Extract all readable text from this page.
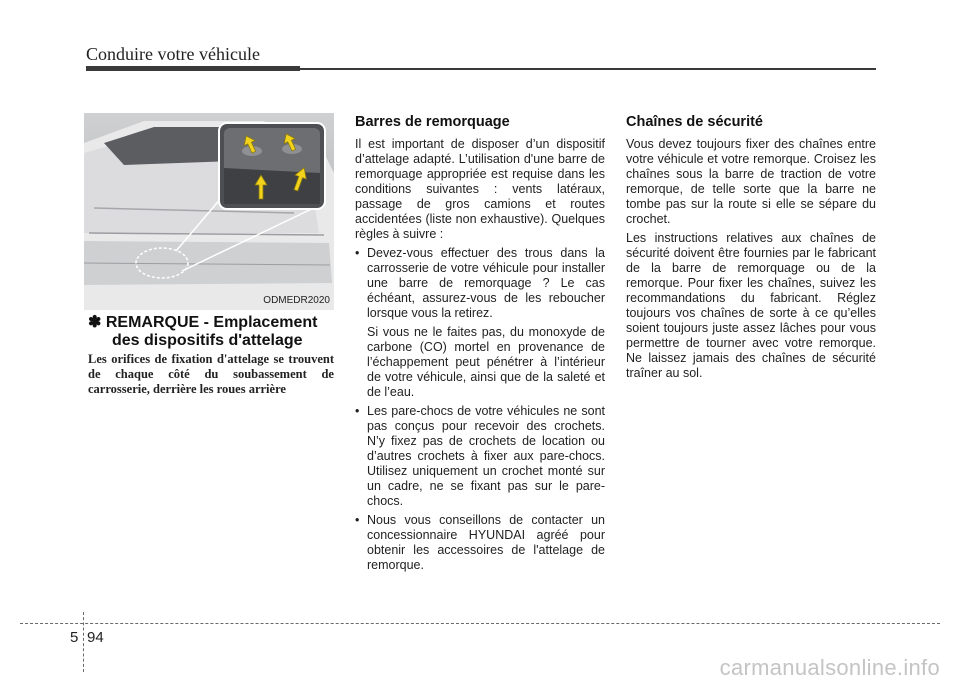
Conduire votre véhicule
ODMEDR2020
✽ REMARQUE - Emplacement
des dispositifs d'attelage
Les orifices de fixation d'attelage se trouvent de chaque côté du soubassement de carrosserie, derrière les roues arrière
Barres de remorquage

Il est important de disposer d’un dispositif d’attelage adapté. L’utilisation d'une barre de remorquage appropriée est requise dans les conditions suivantes : vents latéraux, passage de gros camions et routes accidentées (liste non exhaustive). Quelques règles à suivre :

• Devez-vous effectuer des trous dans la carrosserie de votre véhicule pour installer une barre de remorquage ? Le cas échéant, assurez-vous de les reboucher lorsque vous la retirez.

Si vous ne le faites pas, du monoxyde de carbone (CO) mortel en provenance de l’échappement peut pénétrer à l’intérieur de votre véhicule, ainsi que de la saleté et de l’eau.

• Les pare-chocs de votre véhicules ne sont pas conçus pour recevoir des crochets. N’y fixez pas de crochets de location ou d’autres crochets à fixer aux pare-chocs. Utilisez uniquement un crochet monté sur un cadre, ne se fixant pas sur le pare-chocs.
• Nous vous conseillons de contacter un concessionnaire HYUNDAI agréé pour obtenir les accessoires de l'attelage de remorque.
Chaînes de sécurité

Vous devez toujours fixer des chaînes entre votre véhicule et votre remorque. Croisez les chaînes sous la barre de traction de votre remorque, de telle sorte que la barre ne tombe pas sur la route si elle se sépare du crochet.

Les instructions relatives aux chaînes de sécurité doivent être fournies par le fabricant de la barre de remorquage ou de la remorque. Pour fixer les chaînes, suivez les recommandations du fabricant. Réglez toujours vos chaînes de sorte à ce qu’elles soient toujours juste assez lâches pour vous permettre de tourner avec votre remorque. Ne laissez jamais des chaînes de sécurité traîner au sol.

5 94
carmanualsonline.info
